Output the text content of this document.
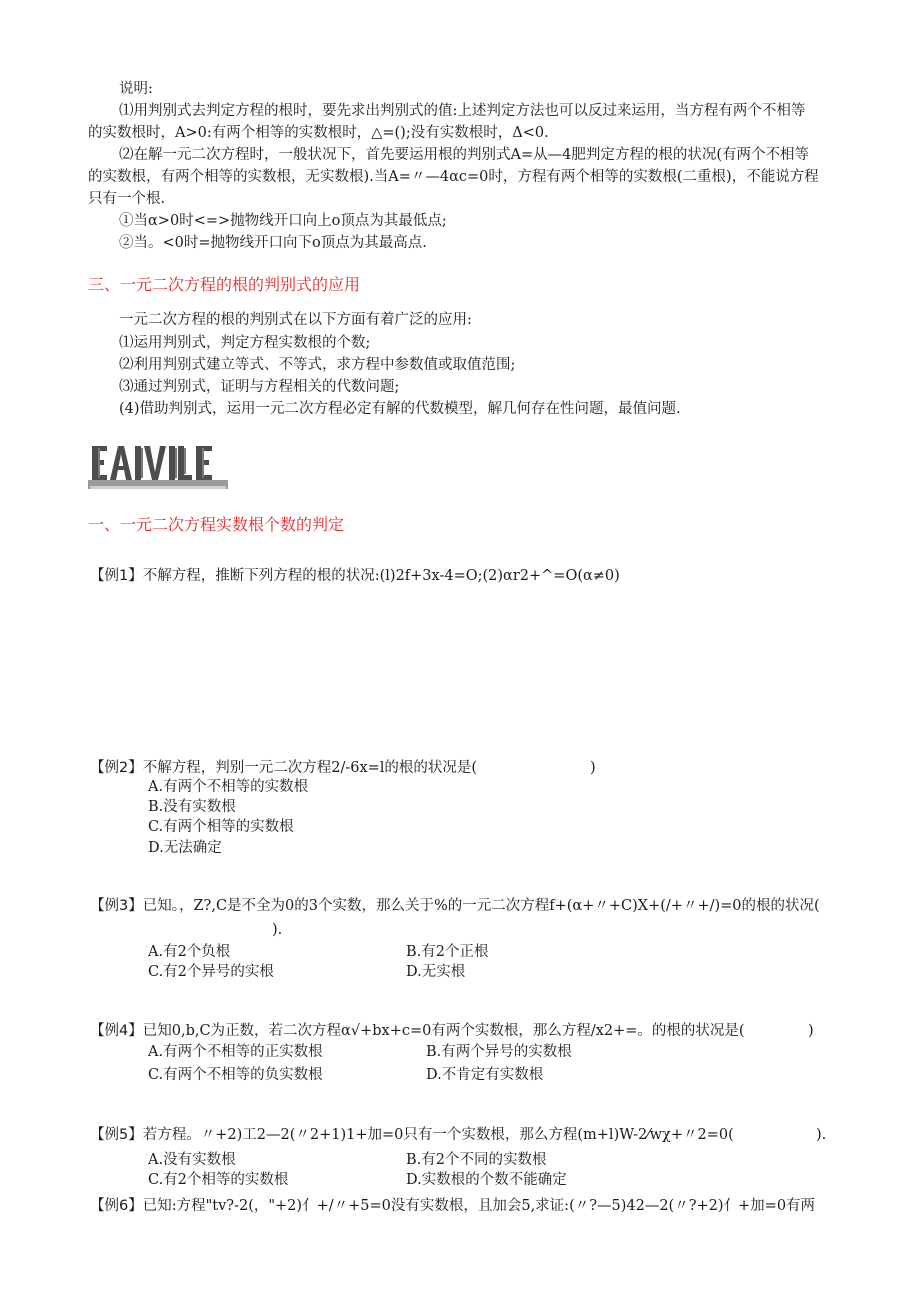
说明:
⑴用判别式去判定方程的根时，要先求出判别式的值:上述判定方法也可以反过来运用，当方程有两个不相等
的实数根时，A>0:有两个相等的实数根时，△=();没有实数根时，Δ<0.
⑵在解一元二次方程时，一般状况下，首先要运用根的判别式A=从—4肥判定方程的根的状况(有两个不相等
的实数根，有两个相等的实数根，无实数根).当A=〃—4αc=0时，方程有两个相等的实数根(二重根)，不能说方程
只有一个根.
①当α>0时<=>抛物线开口向上o顶点为其最低点;
②当。<0时=抛物线开口向下o顶点为其最高点.
三、一元二次方程的根的判别式的应用
一元二次方程的根的判别式在以下方面有着广泛的应用:
⑴运用判别式，判定方程实数根的个数;
⑵利用判别式建立等式、不等式，求方程中参数值或取值范围;
⑶通过判别式，证明与方程相关的代数问题;
(4)借助判别式，运用一元二次方程必定有解的代数模型，解几何存在性问题，最值问题.
一、一元二次方程实数根个数的判定
【例1】不解方程，推断下列方程的根的状况:(l)2f+3x-4=O;(2)αr2+^=O(α≠0)
【例2】不解方程，判别一元二次方程2/-6x=l的根的状况是(	)
A.有两个不相等的实数根
B.没有实数根
C.有两个相等的实数根
D.无法确定
【例3】已知。，Z?,C是不全为0的3个实数，那么关于%的一元二次方程f+(α+〃+C)X+(/+〃+/)=0的根的状况(
).
A.有2个负根	B.有2个正根
C.有2个异号的实根	D.无实根
【例4】已知0,b,C为正数，若二次方程α√+bx+c=0有两个实数根，那么方程/x2+=。的根的状况是(	)
A.有两个不相等的正实数根	B.有两个异号的实数根
C.有两个不相等的负实数根	D.不肯定有实数根
【例5】若方程。〃+2)工2—2(〃2+1)1+加=0只有一个实数根，那么方程(m+l)W-2⁄wχ+〃2=0(	).
A.没有实数根	B.有2个不同的实数根
C.有2个相等的实数根	D.实数根的个数不能确定
【例6】已知:方程"tv?-2(，"+2)亻+/〃+5=0没有实数根，且加会5,求证:(〃?—5)42—2(〃?+2)亻+加=0有两
